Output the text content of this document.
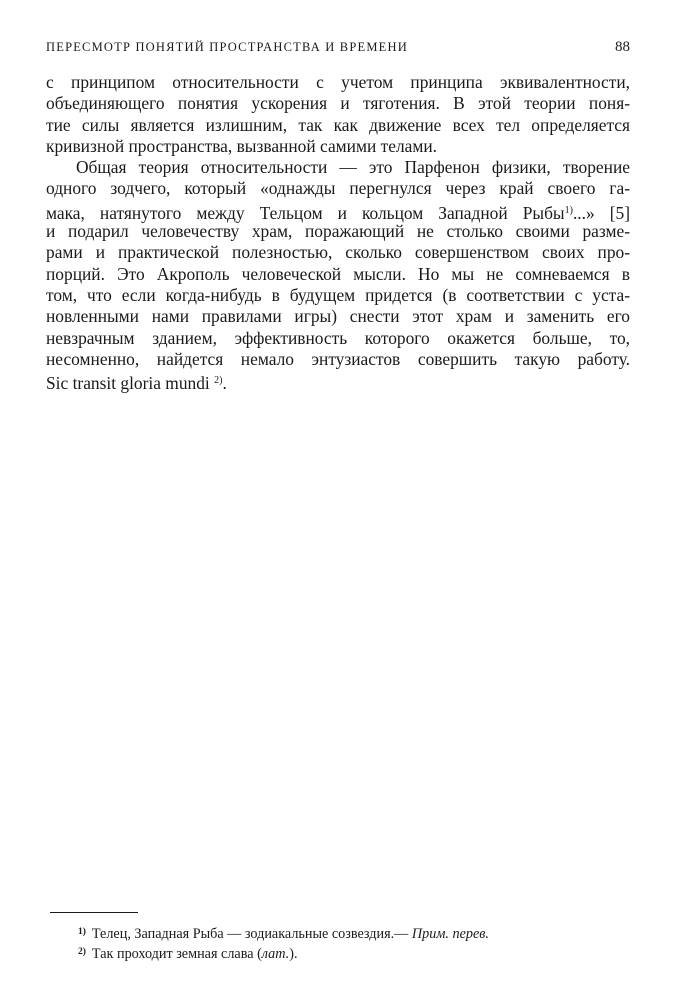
ПЕРЕСМОТР ПОНЯТИЙ ПРОСТРАНСТВА И ВРЕМЕНИ	88
с принципом относительности с учетом принципа эквивалентности,
объединяющего понятия ускорения и тяготения. В этой теории поня-
тие силы является излишним, так как движение всех тел определяется
кривизной пространства, вызванной самими телами.
Общая теория относительности — это Парфенон физики, творение
одного зодчего, который «однажды перегнулся через край своего га-
мака, натянутого между Тельцом и кольцом Западной Рыбы$^{1)}$...» [5]
и подарил человечеству храм, поражающий не столько своими разме-
рами и практической полезностью, сколько совершенством своих про-
порций. Это Акрополь человеческой мысли. Но мы не сомневаемся в
том, что если когда-нибудь в будущем придется (в соответствии с уста-
новленными нами правилами игры) снести этот храм и заменить его
невзрачным зданием, эффективность которого окажется больше, то,
несомненно, найдется немало энтузиастов совершить такую работу.
Sic transit gloria mundi $^{2)}$.
$^{1)}$ Телец, Западная Рыба — зодиакальные созвездия.— Прим. перев.
$^{2)}$ Так проходит земная слава (лат.).
